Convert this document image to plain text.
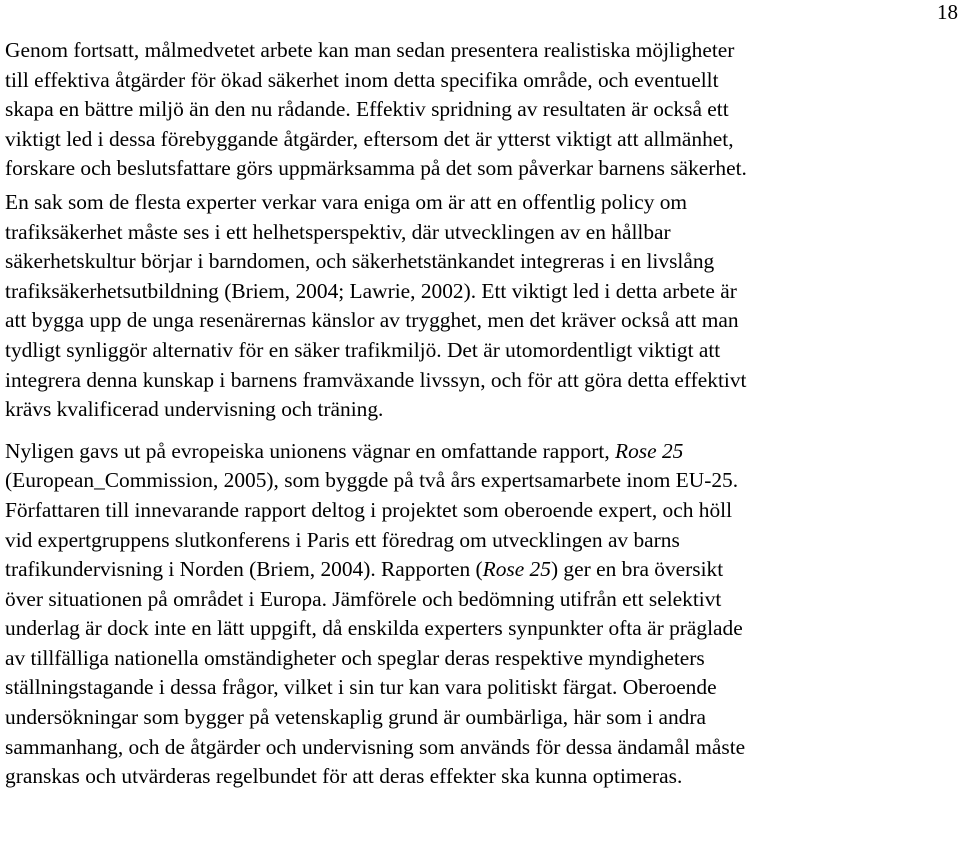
18
Genom fortsatt, målmedvetet arbete kan man sedan presentera realistiska möjligheter
till effektiva åtgärder för ökad säkerhet inom detta specifika område, och eventuellt
skapa en bättre miljö än den nu rådande. Effektiv spridning av resultaten är också ett
viktigt led i dessa förebyggande åtgärder, eftersom det är ytterst viktigt att allmänhet,
forskare och beslutsfattare görs uppmärksamma på det som påverkar barnens säkerhet.
En sak som de flesta experter verkar vara eniga om är att en offentlig policy om
trafiksäkerhet måste ses i ett helhetsperspektiv, där utvecklingen av en hållbar
säkerhetskultur börjar i barndomen, och säkerhetstänkandet integreras i en livslång
trafiksäkerhetsutbildning (Briem, 2004; Lawrie, 2002). Ett viktigt led i detta arbete är
att bygga upp de unga resenärernas känslor av trygghet, men det kräver också att man
tydligt synliggör alternativ för en säker trafikmiljö. Det är utomordentligt viktigt att
integrera denna kunskap i barnens framväxande livssyn, och för att göra detta effektivt
krävs kvalificerad undervisning och träning.
Nyligen gavs ut på evropeiska unionens vägnar en omfattande rapport, Rose 25
(European_Commission, 2005), som byggde på två års expertsamarbete inom EU-25.
Författaren till innevarande rapport deltog i projektet som oberoende expert, och höll
vid expertgruppens slutkonferens i Paris ett föredrag om utvecklingen av barns
trafikundervisning i Norden (Briem, 2004). Rapporten (Rose 25) ger en bra översikt
över situationen på området i Europa. Jämförele och bedömning utifrån ett selektivt
underlag är dock inte en lätt uppgift, då enskilda experters synpunkter ofta är präglade
av tillfälliga nationella omständigheter och speglar deras respektive myndigheters
ställningstagande i dessa frågor, vilket i sin tur kan vara politiskt färgat. Oberoende
undersökningar som bygger på vetenskaplig grund är oumbärliga, här som i andra
sammanhang, och de åtgärder och undervisning som används för dessa ändamål måste
granskas och utvärderas regelbundet för att deras effekter ska kunna optimeras.
